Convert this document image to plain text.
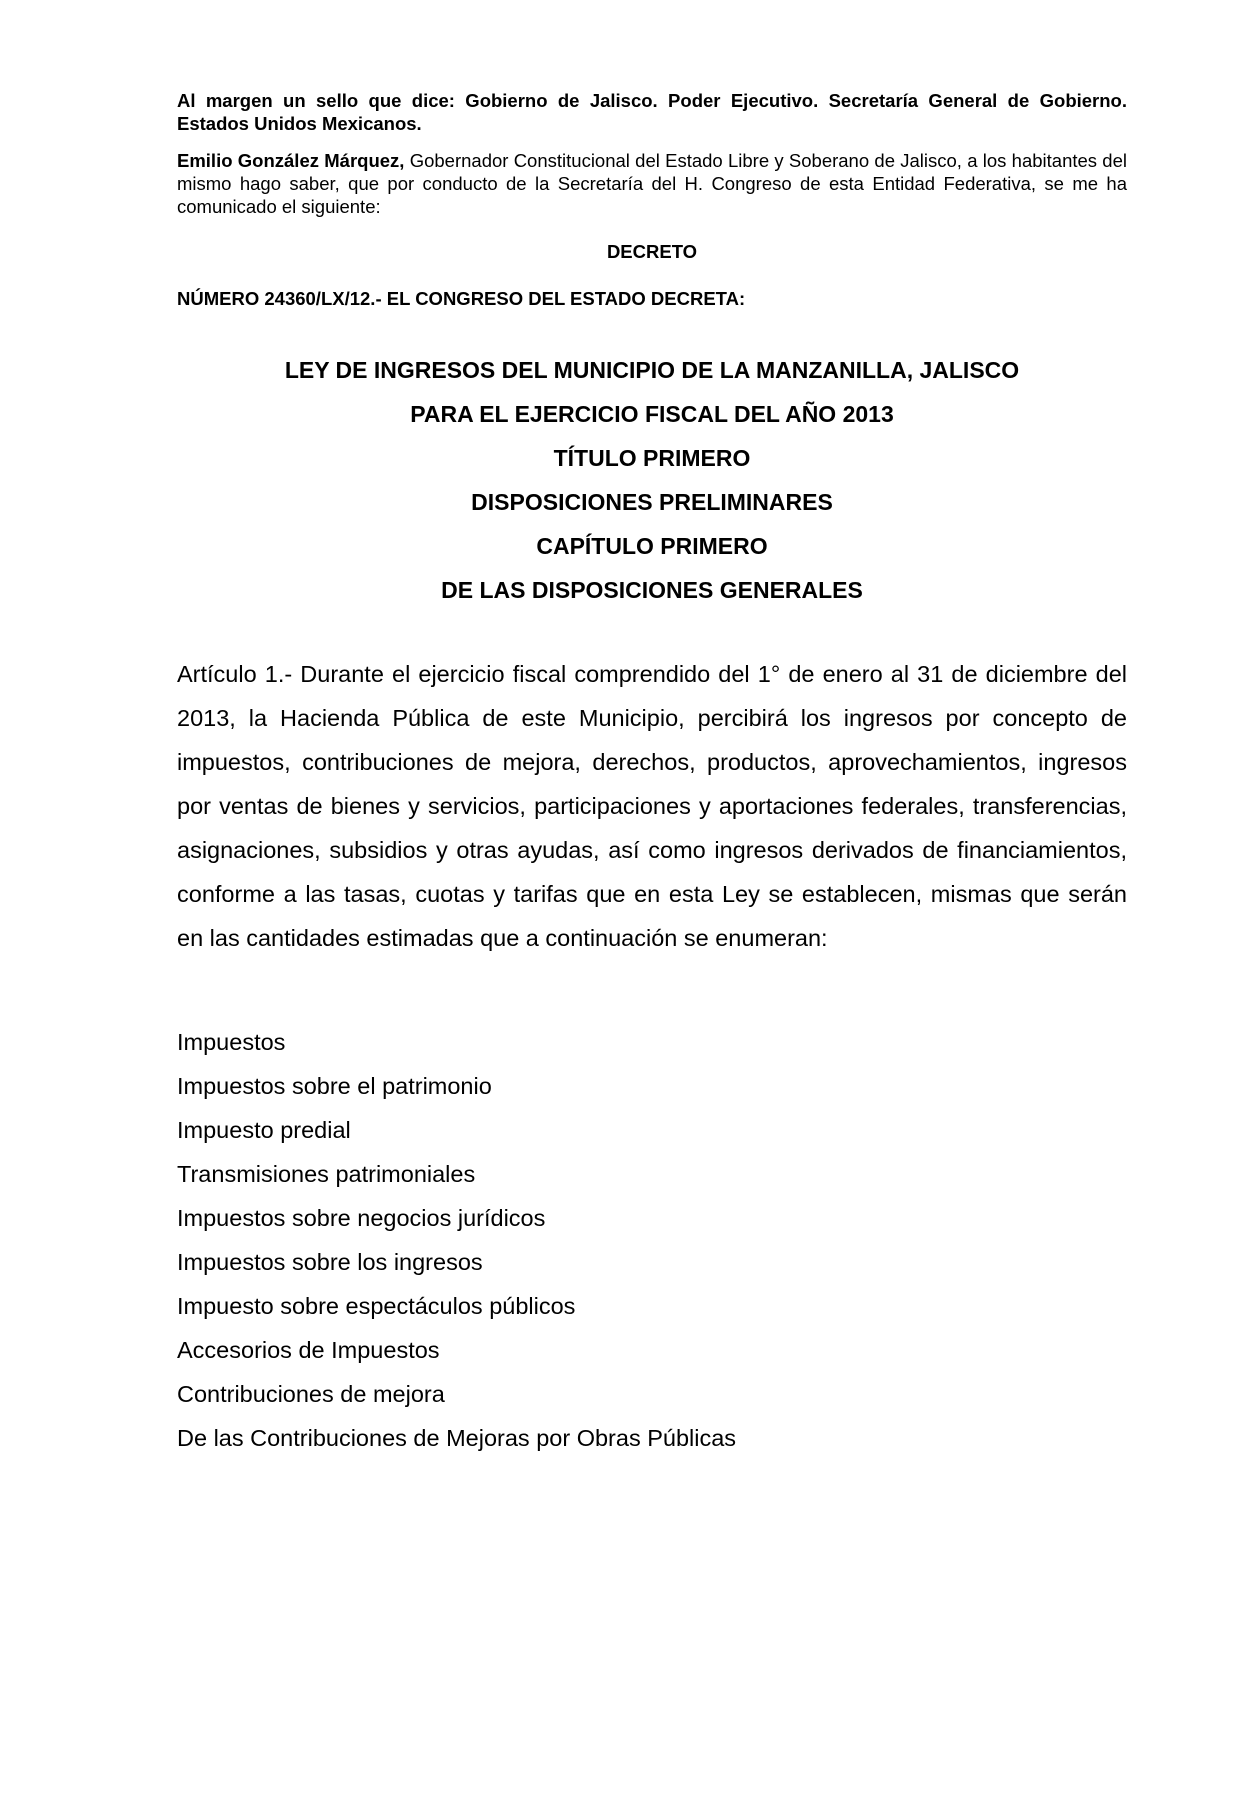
Al margen un sello que dice: Gobierno de Jalisco. Poder Ejecutivo. Secretaría General de Gobierno. Estados Unidos Mexicanos.

Emilio González Márquez, Gobernador Constitucional del Estado Libre y Soberano de Jalisco, a los habitantes del mismo hago saber, que por conducto de la Secretaría del H. Congreso de esta Entidad Federativa, se me ha comunicado el siguiente:

DECRETO

NÚMERO 24360/LX/12.- EL CONGRESO DEL ESTADO DECRETA:

LEY DE INGRESOS DEL MUNICIPIO DE LA MANZANILLA, JALISCO
PARA EL EJERCICIO FISCAL DEL AÑO 2013
TÍTULO PRIMERO
DISPOSICIONES PRELIMINARES
CAPÍTULO PRIMERO
DE LAS DISPOSICIONES GENERALES

Artículo 1.- Durante el ejercicio fiscal comprendido del 1° de enero al 31 de diciembre del 2013, la Hacienda Pública de este Municipio, percibirá los ingresos por concepto de impuestos, contribuciones de mejora, derechos, productos, aprovechamientos, ingresos por ventas de bienes y servicios, participaciones y aportaciones federales, transferencias, asignaciones, subsidios y otras ayudas, así como ingresos derivados de financiamientos, conforme a las tasas, cuotas y tarifas que en esta Ley se establecen, mismas que serán en las cantidades estimadas que a continuación se enumeran:

Impuestos
Impuestos sobre el patrimonio
Impuesto predial
Transmisiones patrimoniales
Impuestos sobre negocios jurídicos
Impuestos sobre los ingresos
Impuesto sobre espectáculos públicos
Accesorios de Impuestos
Contribuciones de mejora
De las Contribuciones de Mejoras por Obras Públicas
